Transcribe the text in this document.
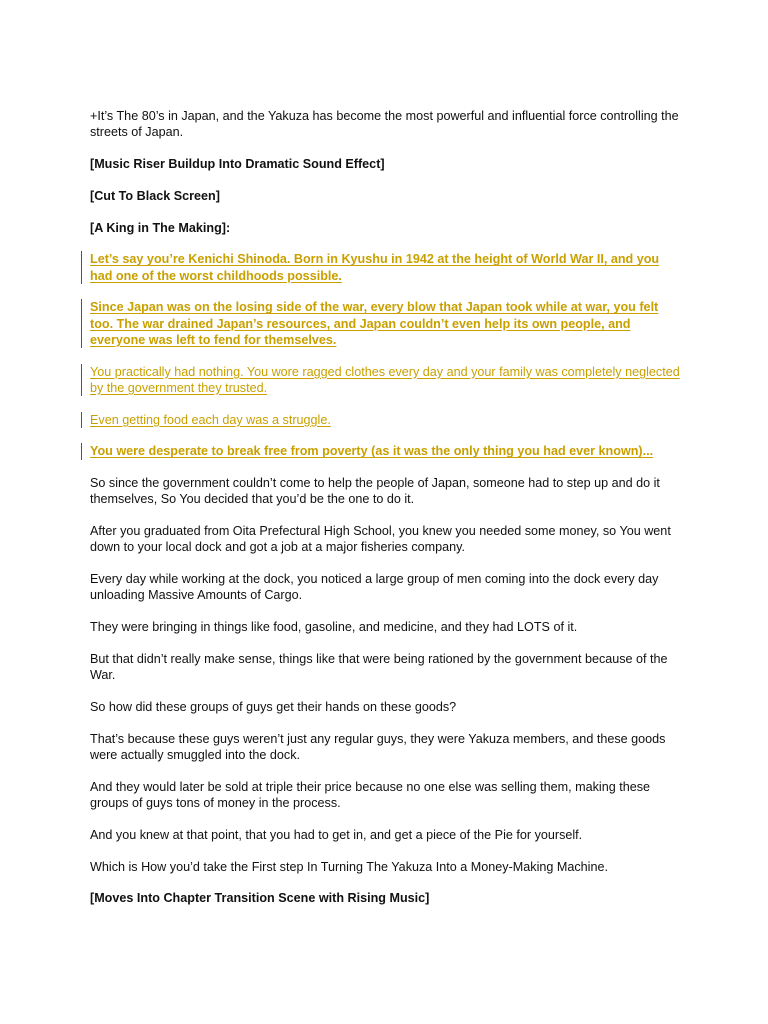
+It’s The 80’s in Japan, and the Yakuza has become the most powerful and influential force controlling the streets of Japan.

[Music Riser Buildup Into Dramatic Sound Effect]

[Cut To Black Screen]

[A King in The Making]:

Let’s say you’re Kenichi Shinoda. Born in Kyushu in 1942 at the height of World War II, and you had one of the worst childhoods possible.

Since Japan was on the losing side of the war, every blow that Japan took while at war, you felt too. The war drained Japan’s resources, and Japan couldn’t even help its own people, and everyone was left to fend for themselves.

You practically had nothing. You wore ragged clothes every day and your family was completely neglected by the government they trusted.

Even getting food each day was a struggle.

You were desperate to break free from poverty (as it was the only thing you had ever known)...

So since the government couldn’t come to help the people of Japan, someone had to step up and do it themselves, So You decided that you’d be the one to do it.

After you graduated from Oita Prefectural High School, you knew you needed some money, so You went down to your local dock and got a job at a major fisheries company.

Every day while working at the dock, you noticed a large group of men coming into the dock every day unloading Massive Amounts of Cargo.

They were bringing in things like food, gasoline, and medicine, and they had LOTS of it.

But that didn’t really make sense, things like that were being rationed by the government because of the War.

So how did these groups of guys get their hands on these goods?

That’s because these guys weren’t just any regular guys, they were Yakuza members, and these goods were actually smuggled into the dock.

And they would later be sold at triple their price because no one else was selling them, making these groups of guys tons of money in the process.

And you knew at that point, that you had to get in, and get a piece of the Pie for yourself.

Which is How you’d take the First step In Turning The Yakuza Into a Money-Making Machine.

[Moves Into Chapter Transition Scene with Rising Music]
